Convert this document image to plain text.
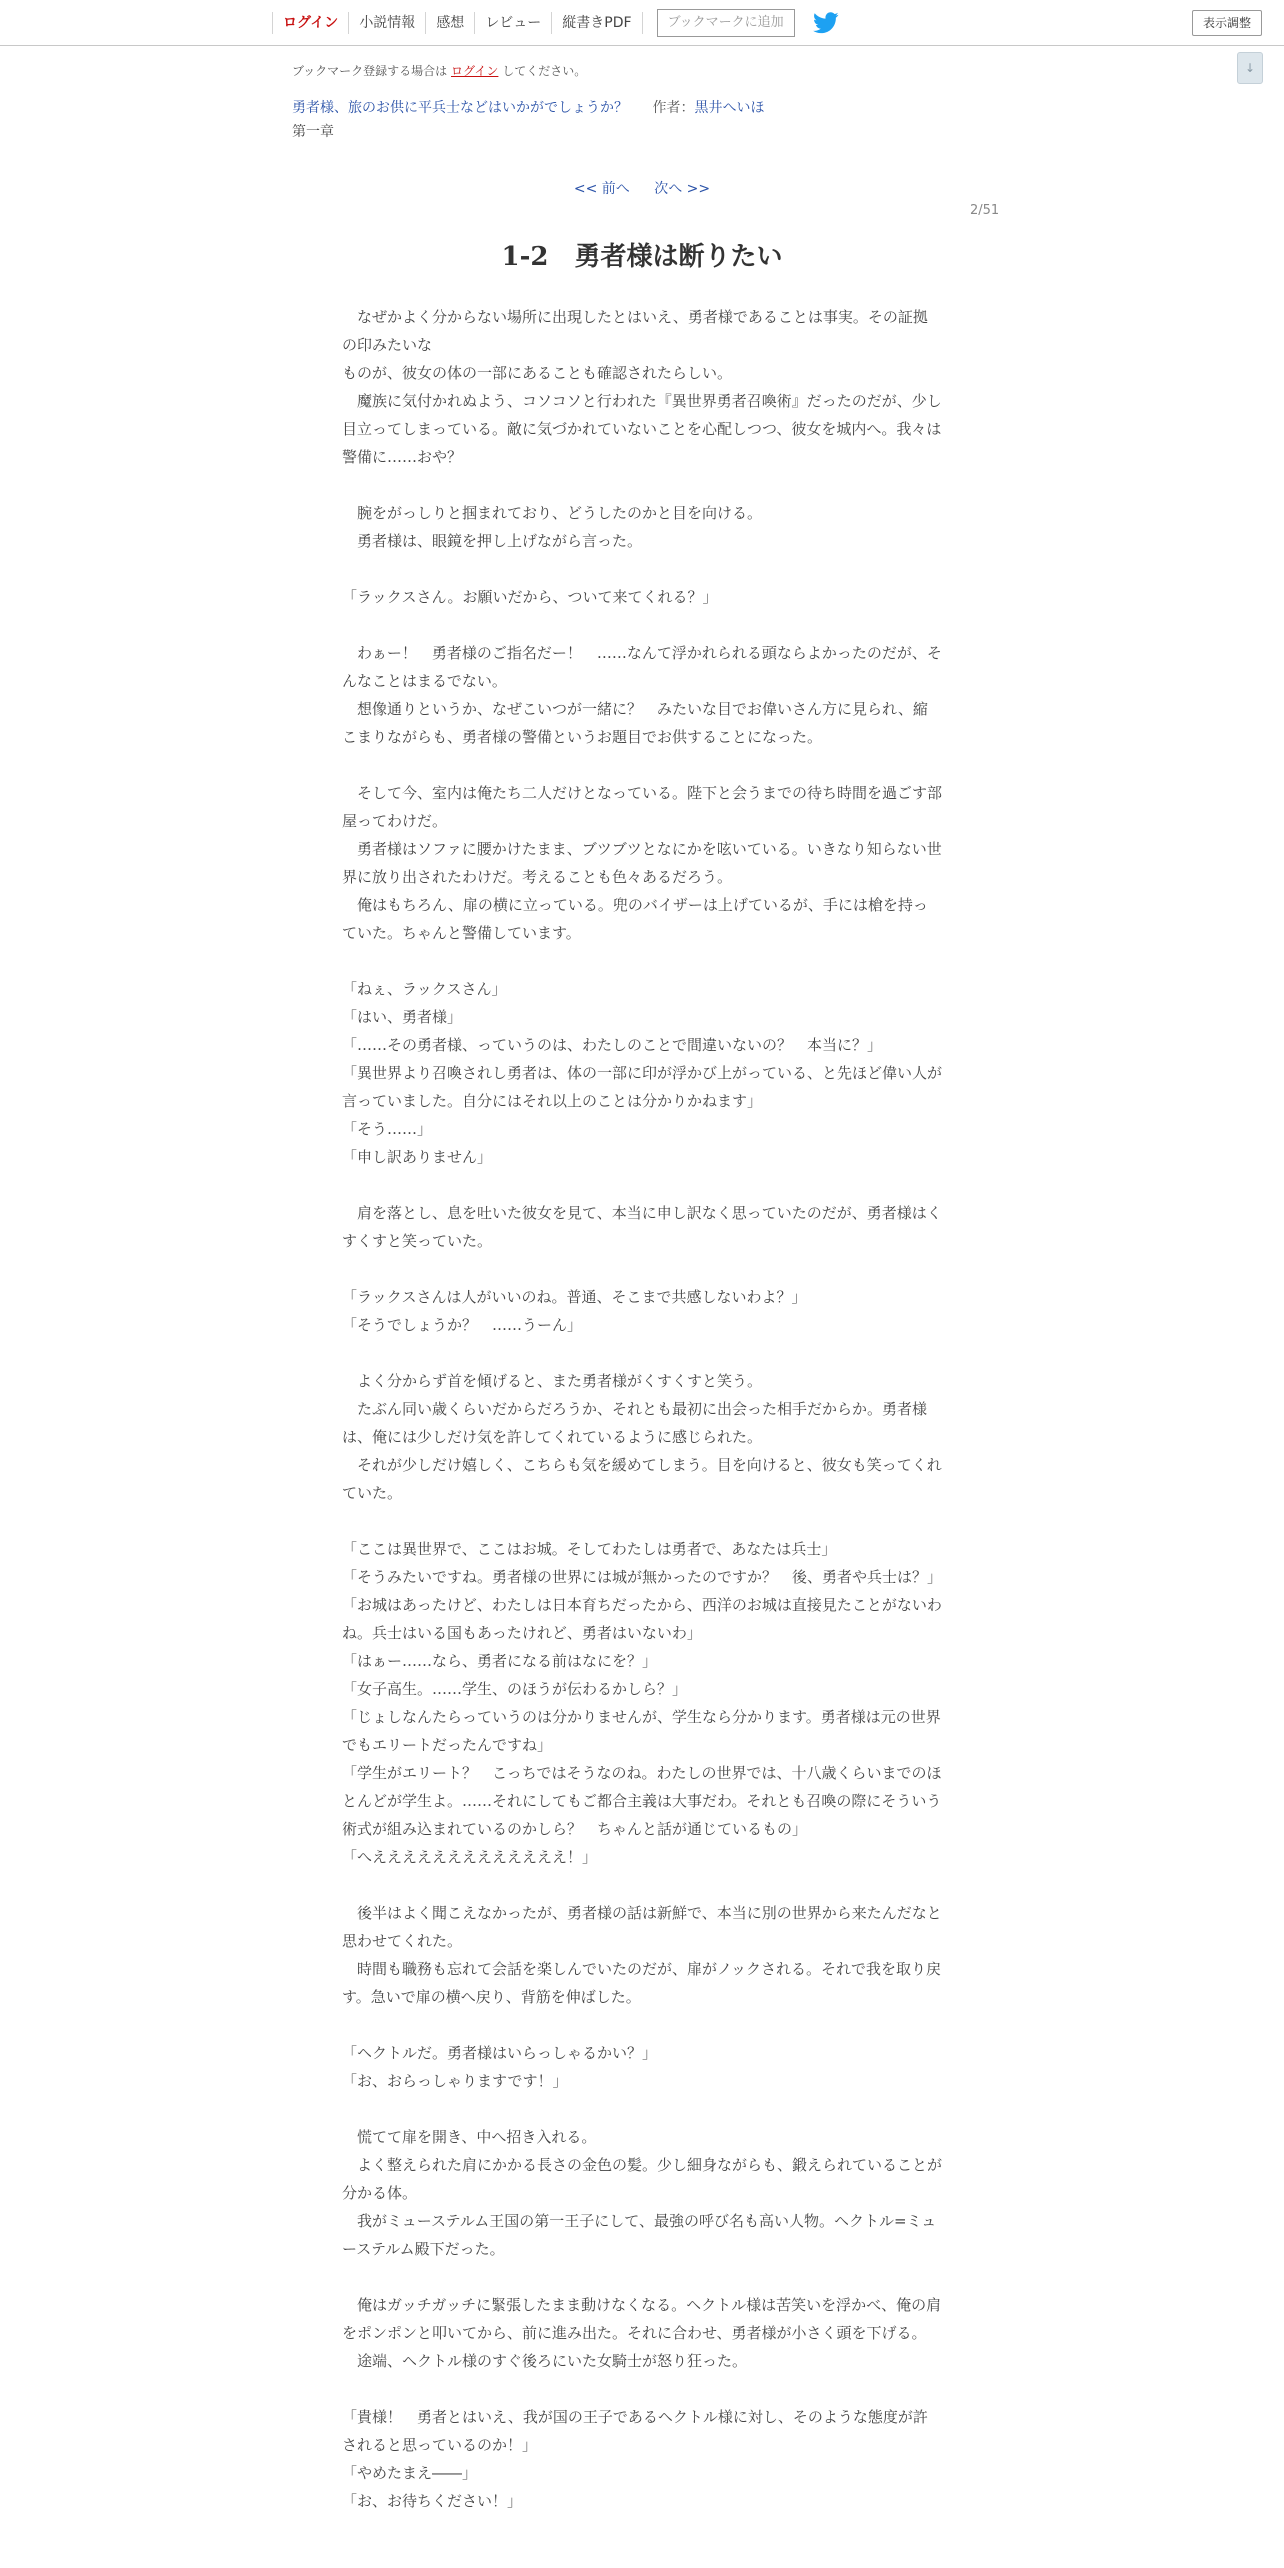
ログイン	小説情報	感想	レビュー	縦書きPDF	ブックマークに追加	表示調整
↓
ブックマーク登録する場合は ログイン してください。
勇者様、旅のお供に平兵士などはいかがでしょうか？ 作者：黒井へいほ
第一章
<< 前へ 次へ >>
2/51
1-2　勇者様は断りたい

　なぜかよく分からない場所に出現したとはいえ、勇者様であることは事実。その証拠の印みたいな

ものが、彼女の体の一部にあることも確認されたらしい。

　魔族に気付かれぬよう、コソコソと行われた『異世界勇者召喚術』だったのだが、少し目立ってしまっている。敵に気づかれていないことを心配しつつ、彼女を城内へ。我々は警備に……おや？

　腕をがっしりと掴まれており、どうしたのかと目を向ける。

　勇者様は、眼鏡を押し上げながら言った。

「ラックスさん。お願いだから、ついて来てくれる？」

　わぁー！　勇者様のご指名だー！　……なんて浮かれられる頭ならよかったのだが、そんなことはまるでない。

　想像通りというか、なぜこいつが一緒に？　みたいな目でお偉いさん方に見られ、縮こまりながらも、勇者様の警備というお題目でお供することになった。

　そして今、室内は俺たち二人だけとなっている。陛下と会うまでの待ち時間を過ごす部屋ってわけだ。

　勇者様はソファに腰かけたまま、ブツブツとなにかを呟いている。いきなり知らない世界に放り出されたわけだ。考えることも色々あるだろう。

　俺はもちろん、扉の横に立っている。兜のバイザーは上げているが、手には槍を持っていた。ちゃんと警備しています。

「ねぇ、ラックスさん」

「はい、勇者様」

「……その勇者様、っていうのは、わたしのことで間違いないの？　本当に？」

「異世界より召喚されし勇者は、体の一部に印が浮かび上がっている、と先ほど偉い人が言っていました。自分にはそれ以上のことは分かりかねます」

「そう……」

「申し訳ありません」

　肩を落とし、息を吐いた彼女を見て、本当に申し訳なく思っていたのだが、勇者様はくすくすと笑っていた。

「ラックスさんは人がいいのね。普通、そこまで共感しないわよ？」

「そうでしょうか？　……うーん」

　よく分からず首を傾げると、また勇者様がくすくすと笑う。

　たぶん同い歳くらいだからだろうか、それとも最初に出会った相手だからか。勇者様は、俺には少しだけ気を許してくれているように感じられた。

　それが少しだけ嬉しく、こちらも気を緩めてしまう。目を向けると、彼女も笑ってくれていた。

「ここは異世界で、ここはお城。そしてわたしは勇者で、あなたは兵士」

「そうみたいですね。勇者様の世界には城が無かったのですか？　後、勇者や兵士は？」

「お城はあったけど、わたしは日本育ちだったから、西洋のお城は直接見たことがないわね。兵士はいる国もあったけれど、勇者はいないわ」

「はぁー……なら、勇者になる前はなにを？」

「女子高生。……学生、のほうが伝わるかしら？」

「じょしなんたらっていうのは分かりませんが、学生なら分かります。勇者様は元の世界でもエリートだったんですね」

「学生がエリート？　こっちではそうなのね。わたしの世界では、十八歳くらいまでのほとんどが学生よ。……それにしてもご都合主義は大事だわ。それとも召喚の際にそういう術式が組み込まれているのかしら？　ちゃんと話が通じているもの」

「へえええええええええええええ！」

　後半はよく聞こえなかったが、勇者様の話は新鮮で、本当に別の世界から来たんだなと思わせてくれた。

　時間も職務も忘れて会話を楽しんでいたのだが、扉がノックされる。それで我を取り戻す。急いで扉の横へ戻り、背筋を伸ばした。

「ヘクトルだ。勇者様はいらっしゃるかい？」

「お、おらっしゃりますです！」

　慌てて扉を開き、中へ招き入れる。

　よく整えられた肩にかかる長さの金色の髪。少し細身ながらも、鍛えられていることが分かる体。

　我がミューステルム王国の第一王子にして、最強の呼び名も高い人物。ヘクトル=ミューステルム殿下だった。

　俺はガッチガッチに緊張したまま動けなくなる。ヘクトル様は苦笑いを浮かべ、俺の肩をポンポンと叩いてから、前に進み出た。それに合わせ、勇者様が小さく頭を下げる。

　途端、ヘクトル様のすぐ後ろにいた女騎士が怒り狂った。

「貴様！　勇者とはいえ、我が国の王子であるヘクトル様に対し、そのような態度が許されると思っているのか！」

「やめたまえ――」

「お、お待ちください！」
